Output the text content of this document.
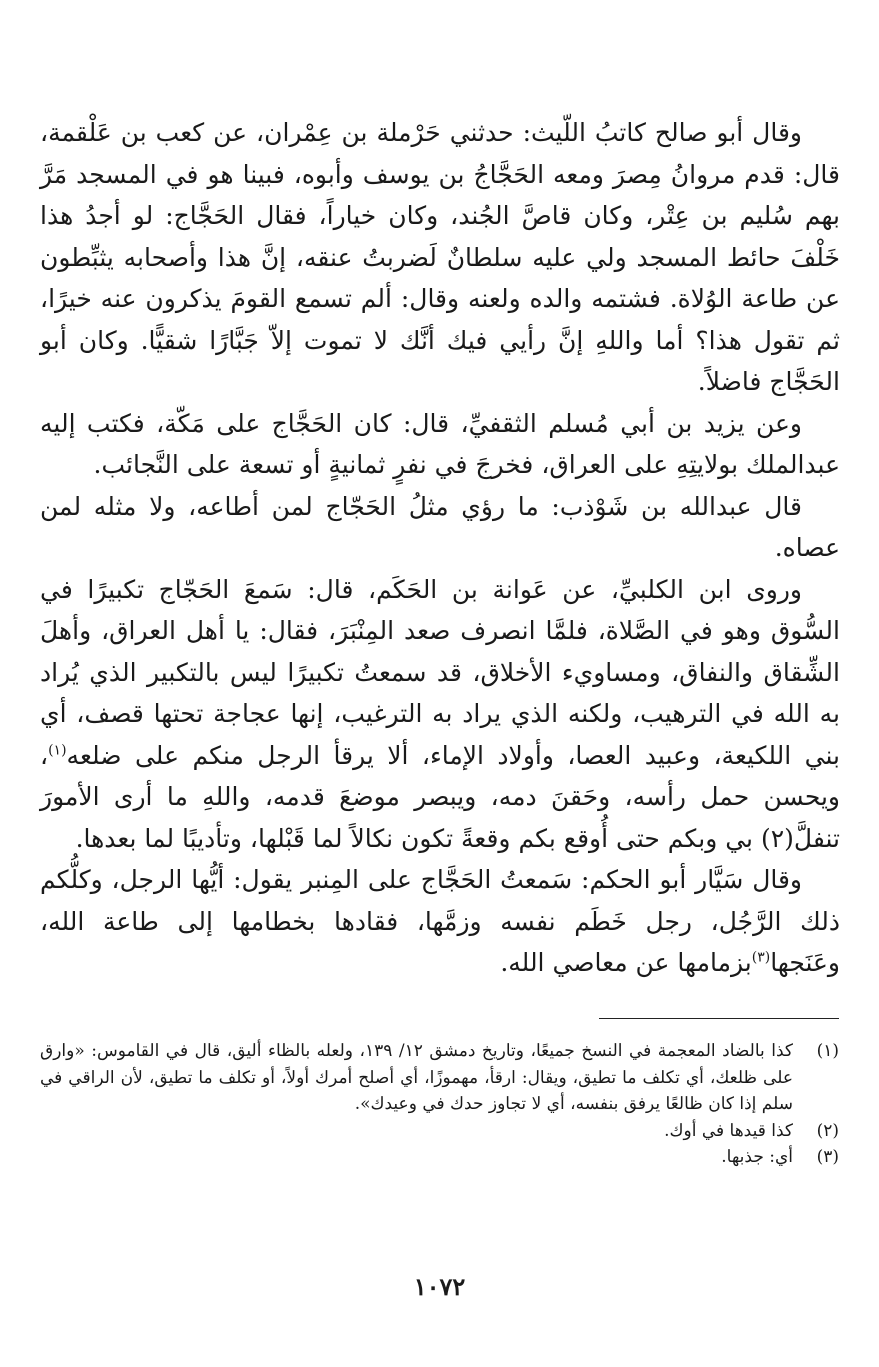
وقال أبو صالح كاتبُ اللّيث: حدثني حَرْملة بن عِمْران، عن كعب بن عَلْقمة، قال: قدم مروانُ مِصرَ ومعه الحَجَّاجُ بن يوسف وأبوه، فبينا هو في المسجد مَرَّ بهم سُليم بن عِتْر، وكان قاصَّ الجُند، وكان خياراً، فقال الحَجَّاج: لو أجدُ هذا خَلْفَ حائط المسجد ولي عليه سلطانٌ لَضربتُ عنقه، إنَّ هذا وأصحابه يثبِّطون عن طاعة الوُلاة. فشتمه والده ولعنه وقال: ألم تسمع القومَ يذكرون عنه خيرًا، ثم تقول هذا؟ أما واللهِ إنَّ رأيي فيك أنَّك لا تموت إلاّ جَبَّارًا شقيًّا. وكان أبو الحَجَّاج فاضلاً.

وعن يزيد بن أبي مُسلم الثقفيِّ، قال: كان الحَجَّاج على مَكّة، فكتب إليه عبدالملك بولايتِهِ على العراق، فخرجَ في نفرٍ ثمانيةٍ أو تسعة على النَّجائب.

قال عبدالله بن شَوْذب: ما رؤي مثلُ الحَجّاج لمن أطاعه، ولا مثله لمن عصاه.

وروى ابن الكلبيِّ، عن عَوانة بن الحَكَم، قال: سَمعَ الحَجّاج تكبيرًا في السُّوق وهو في الصَّلاة، فلمَّا انصرف صعد المِنْبَرَ، فقال: يا أهل العراق، وأهلَ الشِّقاق والنفاق، ومساويء الأخلاق، قد سمعتُ تكبيرًا ليس بالتكبير الذي يُراد به الله في الترهيب، ولكنه الذي يراد به الترغيب، إنها عجاجة تحتها قصف، أي بني اللكيعة، وعبيد العصا، وأولاد الإماء، ألا يرقأ الرجل منكم على ضلعه$^{(١)}$، ويحسن حمل رأسه، وحَقنَ دمه، ويبصر موضعَ قدمه، واللهِ ما أرى الأمورَ تنفلَّ(٢) بي وبكم حتى أُوقع بكم وقعةً تكون نكالاً لما قَبْلها، وتأديبًا لما بعدها.

وقال سَيَّار أبو الحكم: سَمعتُ الحَجَّاج على المِنبر يقول: أيُّها الرجل، وكلُّكم ذلك الرَّجُل، رجل خَطَم نفسه وزمَّها، فقادها بخطامها إلى طاعة الله، وعَنَجها$^{(٣)}$بزمامها عن معاصي الله.

(١)
كذا بالضاد المعجمة في النسخ جميعًا، وتاريخ دمشق ١٢/ ١٣٩، ولعله بالظاء أليق، قال في القاموس: «وارق على ظلعك، أي تكلف ما تطيق، ويقال: ارقأ، مهموزًا، أي أصلح أمرك أولاً، أو تكلف ما تطيق، لأن الراقي في سلم إذا كان ظالعًا يرفق بنفسه، أي لا تجاوز حدك في وعيدك».
(٢)
كذا قيدها في أوك.
(٣)
أي: جذبها.
١٠٧٢
